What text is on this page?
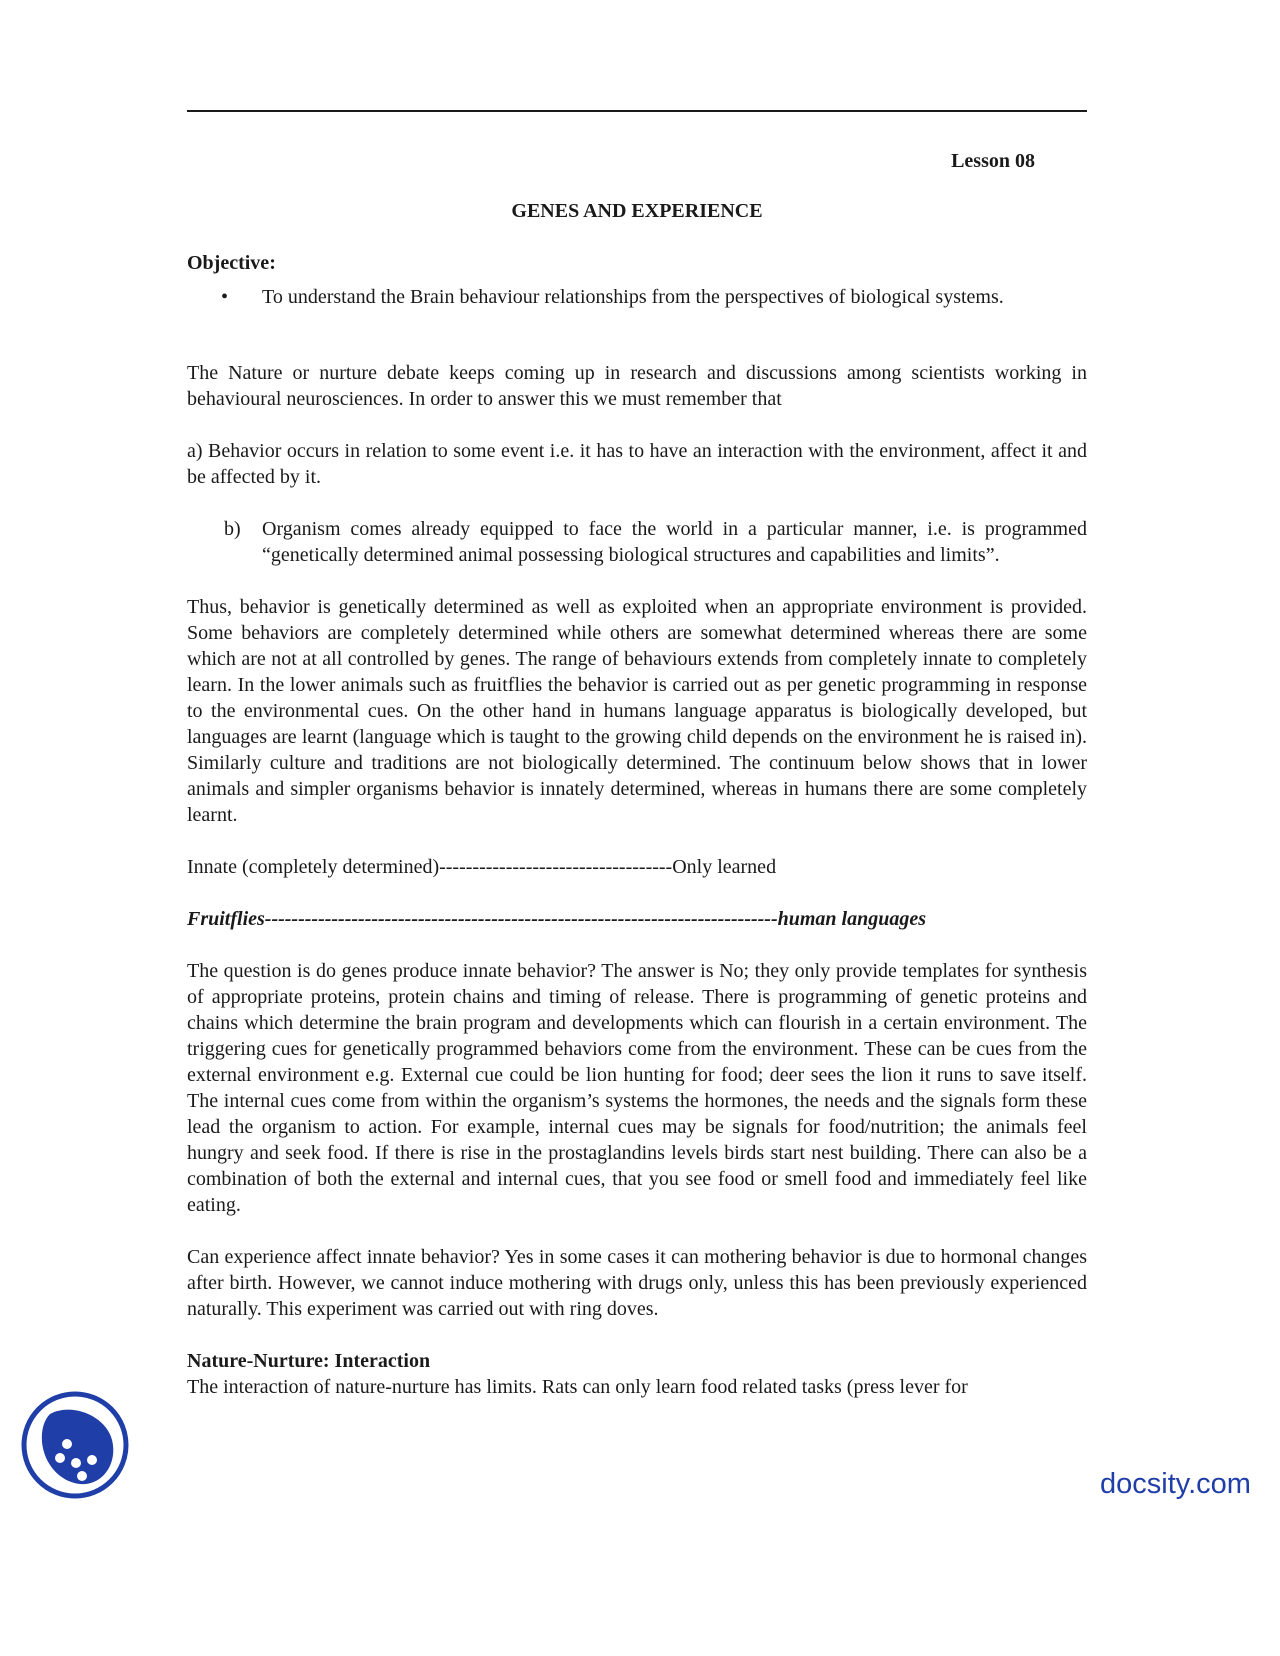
Lesson 08
GENES AND EXPERIENCE

Objective:

•	To understand the Brain behaviour relationships from the perspectives of biological systems.

The Nature or nurture debate keeps coming up in research and discussions among scientists working in behavioural neurosciences. In order to answer this we must remember that

a) Behavior occurs in relation to some event i.e. it has to have an interaction with the environment, affect it and be affected by it.

b)	Organism comes already equipped to face the world in a particular manner, i.e. is programmed “genetically determined animal possessing biological structures and capabilities and limits”.

Thus, behavior is genetically determined as well as exploited when an appropriate environment is provided. Some behaviors are completely determined while others are somewhat determined whereas there are some which are not at all controlled by genes. The range of behaviours extends from completely innate to completely learn. In the lower animals such as fruitflies the behavior is carried out as per genetic programming in response to the environmental cues. On the other hand in humans language apparatus is biologically developed, but languages are learnt (language which is taught to the growing child depends on the environment he is raised in). Similarly culture and traditions are not biologically determined. The continuum below shows that in lower animals and simpler organisms behavior is innately determined, whereas in humans there are some completely learnt.

Innate (completely determined)-----------------------------------Only learned

Fruitflies-----------------------------------------------------------------------------human languages

The question is do genes produce innate behavior? The answer is No; they only provide templates for synthesis of appropriate proteins, protein chains and timing of release. There is programming of genetic proteins and chains which determine the brain program and developments which can flourish in a certain environment. The triggering cues for genetically programmed behaviors come from the environment. These can be cues from the external environment e.g. External cue could be lion hunting for food; deer sees the lion it runs to save itself. The internal cues come from within the organism’s systems the hormones, the needs and the signals form these lead the organism to action. For example, internal cues may be signals for food/nutrition; the animals feel hungry and seek food. If there is rise in the prostaglandins levels birds start nest building. There can also be a combination of both the external and internal cues, that you see food or smell food and immediately feel like eating.

Can experience affect innate behavior? Yes in some cases it can mothering behavior is due to hormonal changes after birth. However, we cannot induce mothering with drugs only, unless this has been previously experienced naturally. This experiment was carried out with ring doves.

Nature-Nurture: Interaction

The interaction of nature-nurture has limits. Rats can only learn food related tasks (press lever for

docsity.com
